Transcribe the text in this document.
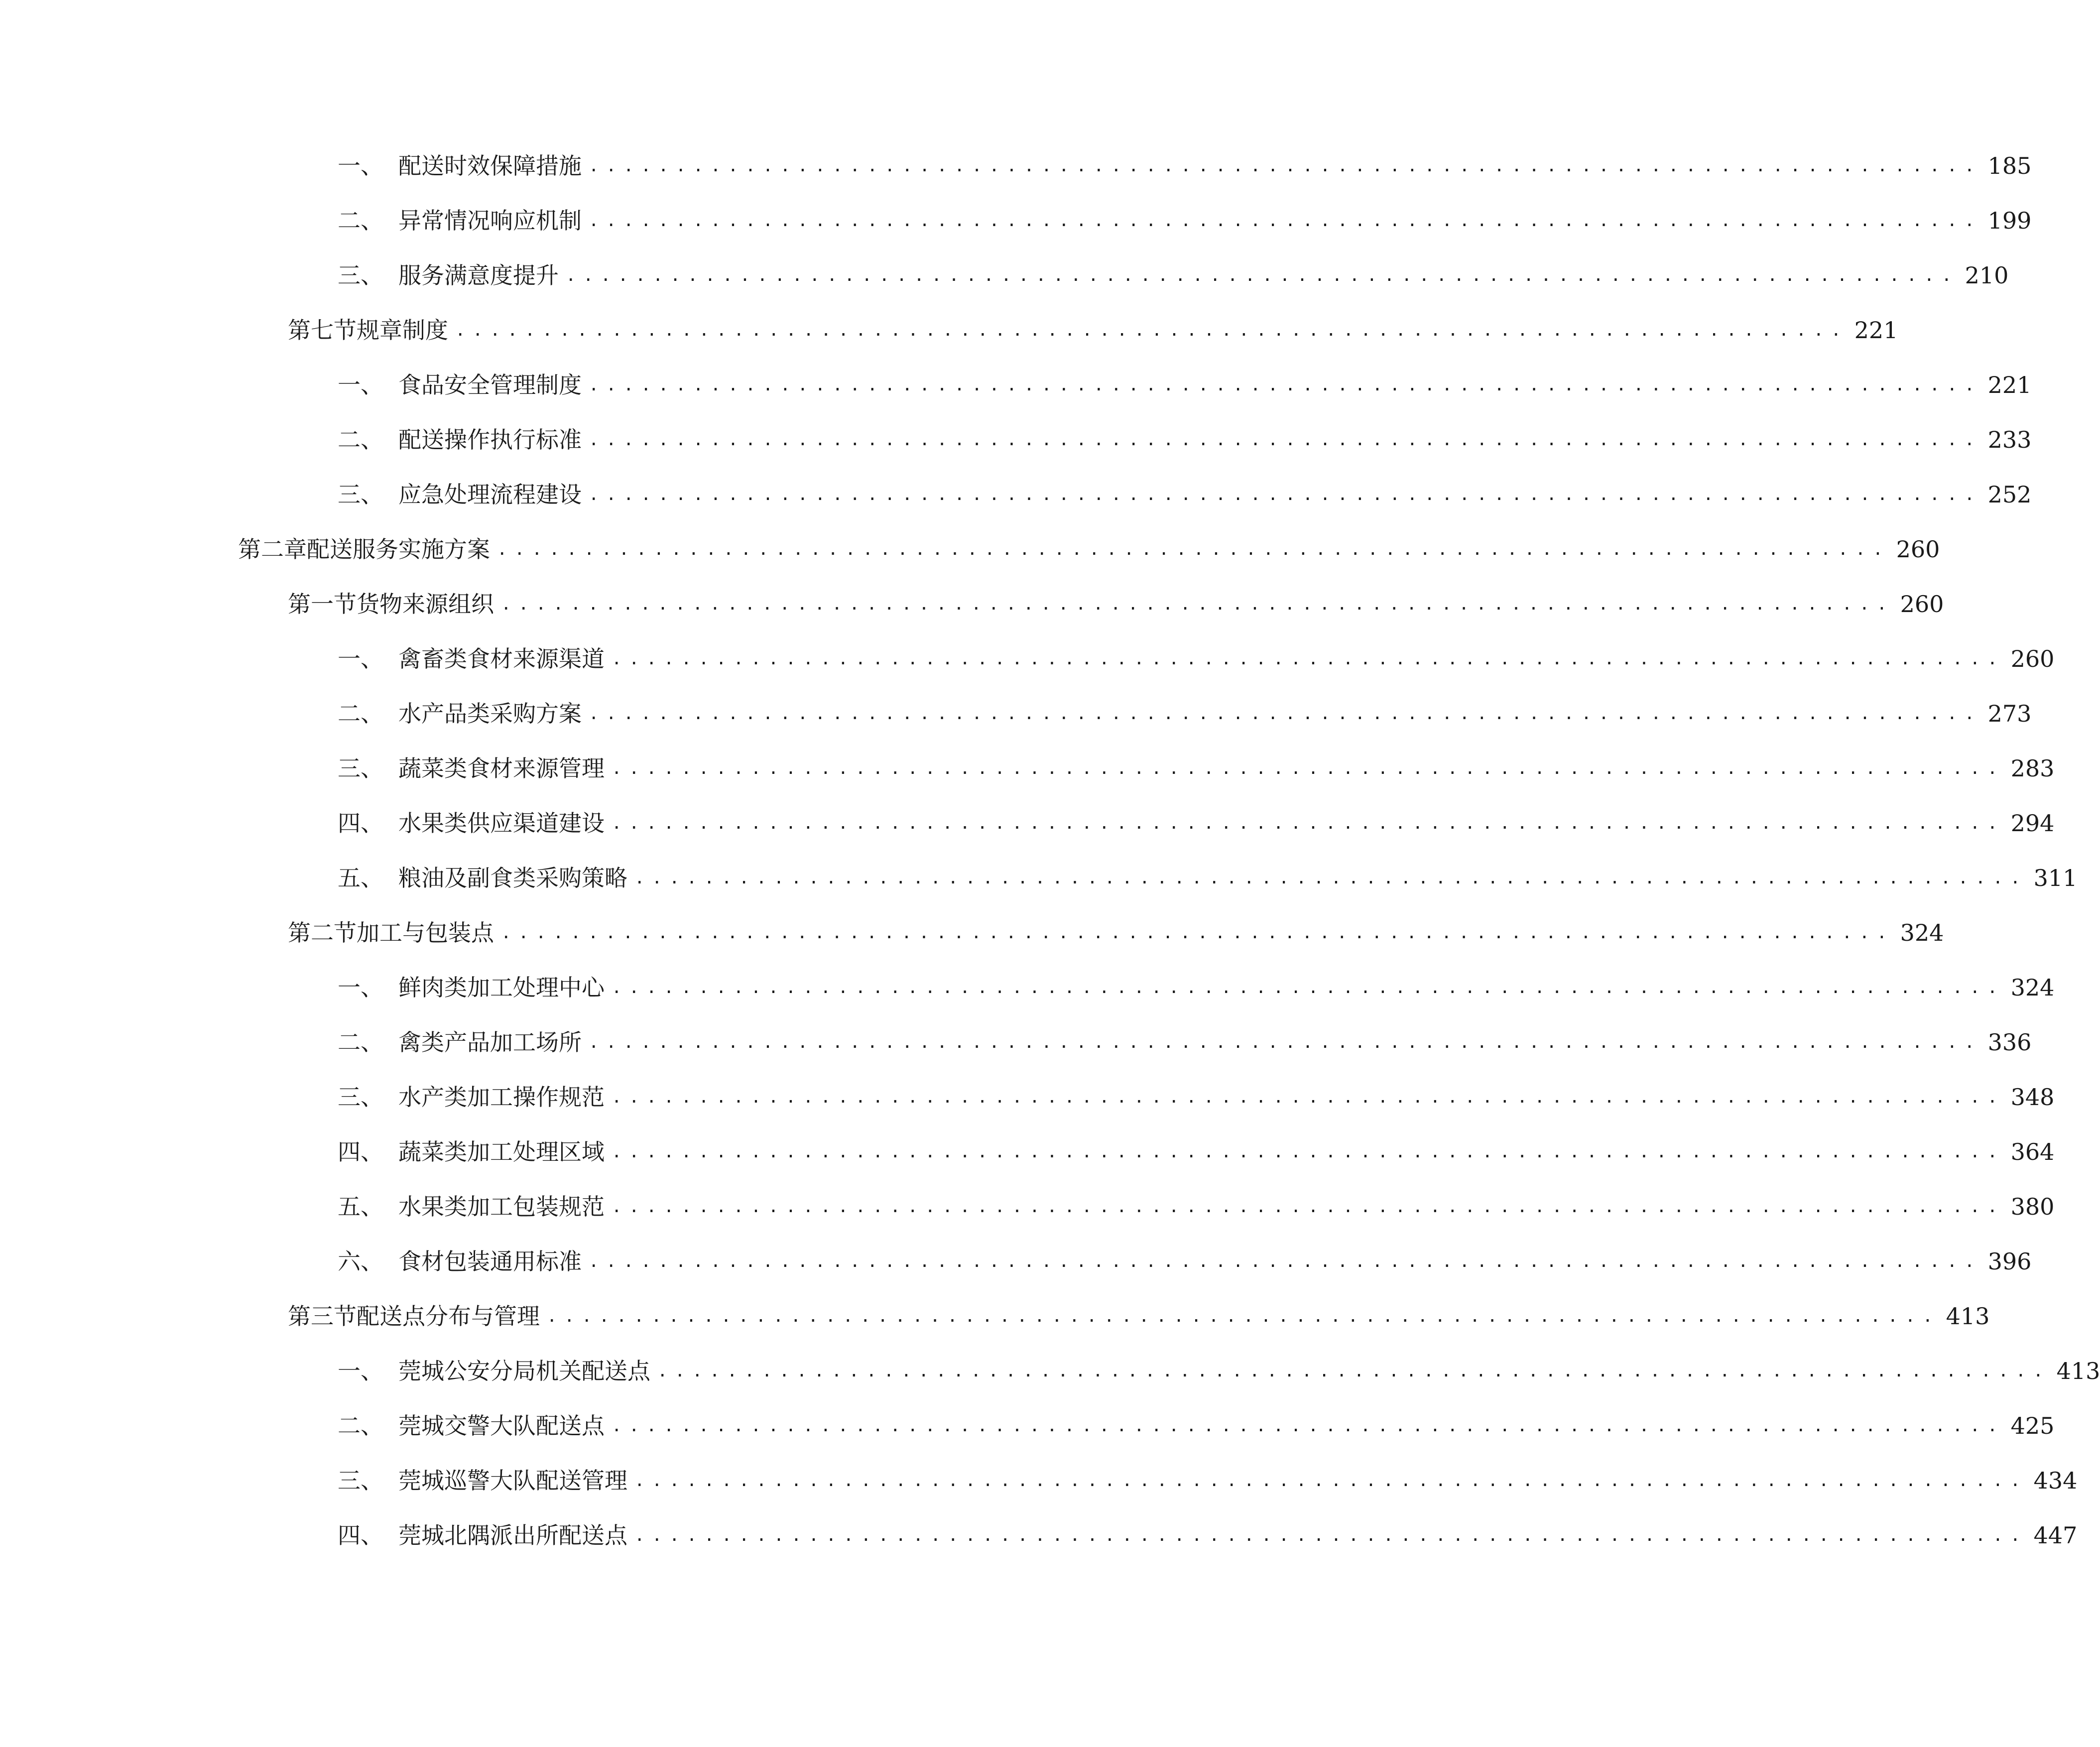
一、 配送时效保障措施 ................................................................................ 185
二、 异常情况响应机制 ................................................................................ 199
三、 服务满意度提升 ................................................................................ 210
第七节 规章制度 ................................................................................ 221
一、 食品安全管理制度 ................................................................................ 221
二、 配送操作执行标准 ................................................................................ 233
三、 应急处理流程建设 ................................................................................ 252
第二章 配送服务实施方案 ................................................................................ 260
第一节 货物来源组织 ................................................................................ 260
一、 禽畜类食材来源渠道 ................................................................................ 260
二、 水产品类采购方案 ................................................................................ 273
三、 蔬菜类食材来源管理 ................................................................................ 283
四、 水果类供应渠道建设 ................................................................................ 294
五、 粮油及副食类采购策略 ................................................................................ 311
第二节 加工与包装点 ................................................................................ 324
一、 鲜肉类加工处理中心 ................................................................................ 324
二、 禽类产品加工场所 ................................................................................ 336
三、 水产类加工操作规范 ................................................................................ 348
四、 蔬菜类加工处理区域 ................................................................................ 364
五、 水果类加工包装规范 ................................................................................ 380
六、 食材包装通用标准 ................................................................................ 396
第三节 配送点分布与管理 ................................................................................ 413
一、 莞城公安分局机关配送点 ................................................................................ 413
二、 莞城交警大队配送点 ................................................................................ 425
三、 莞城巡警大队配送管理 ................................................................................ 434
四、 莞城北隅派出所配送点 ................................................................................ 447
